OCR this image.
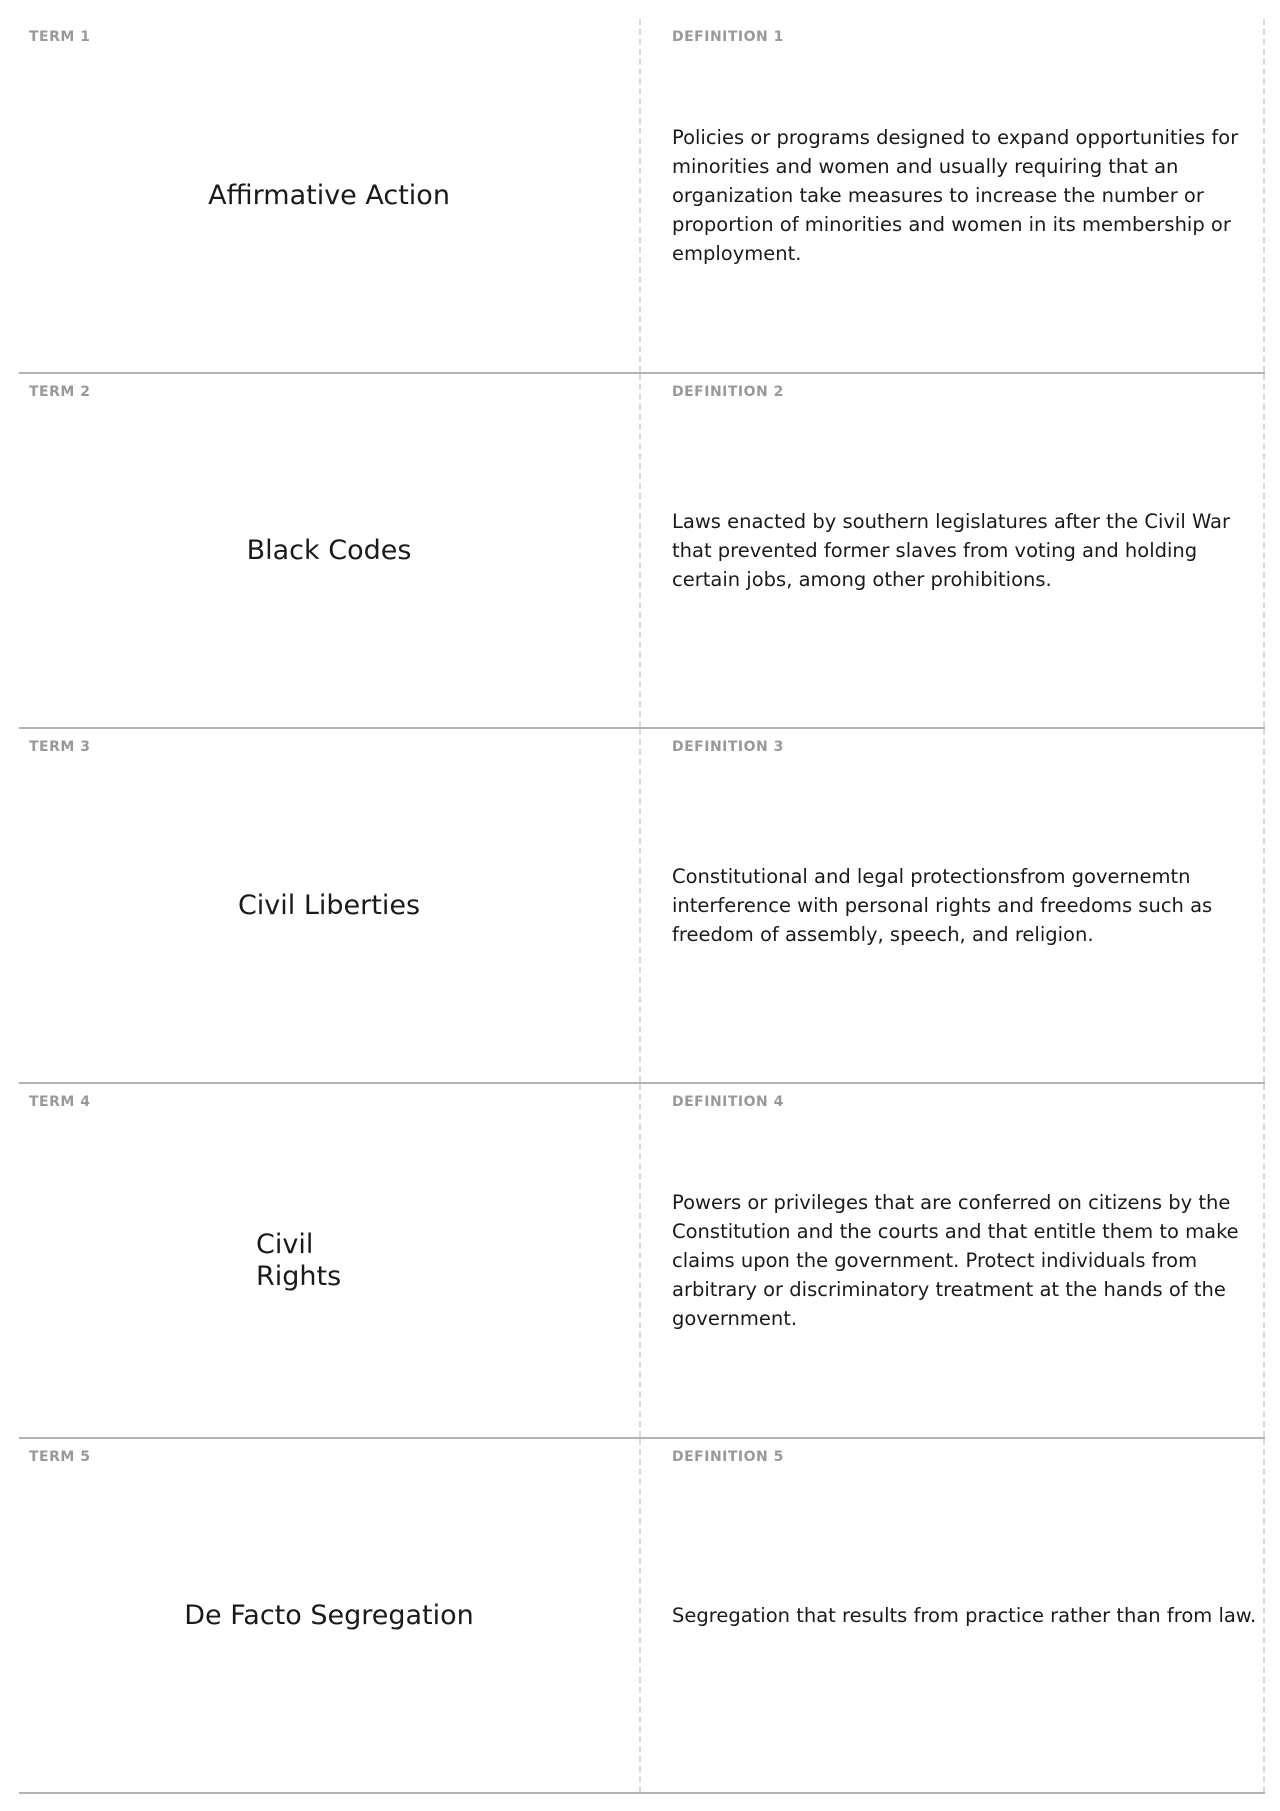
TERM 1
Affirmative Action
DEFINITION 1
Policies or programs designed to expand opportunities for minorities and women and usually requiring that an organization take measures to increase the number or proportion of minorities and women in its membership or employment.
TERM 2
Black Codes
DEFINITION 2
Laws enacted by southern legislatures after the Civil War that prevented former slaves from voting and holding certain jobs, among other prohibitions.
TERM 3
Civil Liberties
DEFINITION 3
Constitutional and legal protectionsfrom governemtn interference with personal rights and freedoms such as freedom of assembly, speech, and religion.
TERM 4
Civil Rights
DEFINITION 4
Powers or privileges that are conferred on citizens by the Constitution and the courts and that entitle them to make claims upon the government. Protect individuals from arbitrary or discriminatory treatment at the hands of the government.
TERM 5
De Facto Segregation
DEFINITION 5
Segregation that results from practice rather than from law.
